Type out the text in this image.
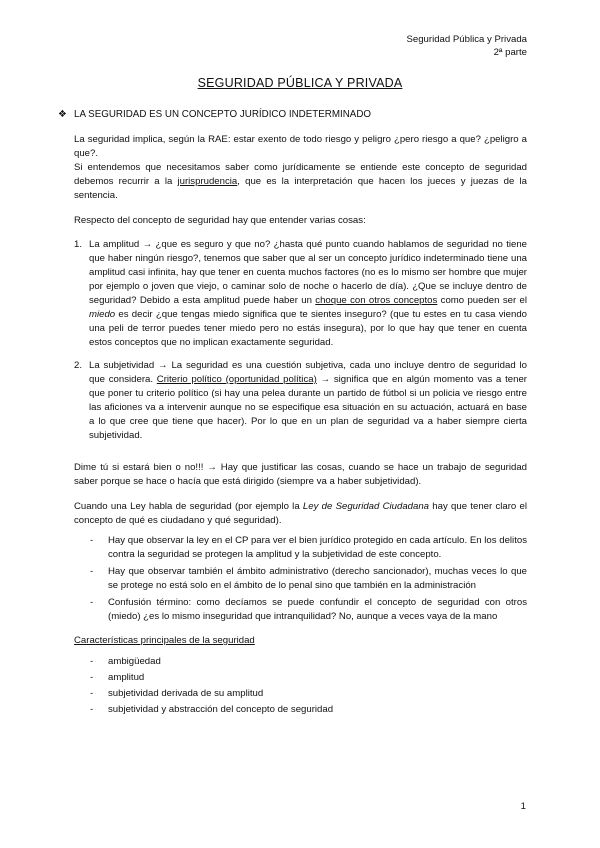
Seguridad Pública y Privada
2ª parte
SEGURIDAD PÚBLICA Y PRIVADA
❖ LA SEGURIDAD ES UN CONCEPTO JURÍDICO INDETERMINADO

La seguridad implica, según la RAE: estar exento de todo riesgo y peligro ¿pero riesgo a que? ¿peligro a que?.

Si entendemos que necesitamos saber como jurídicamente se entiende este concepto de seguridad debemos recurrir a la jurisprudencia, que es la interpretación que hacen los jueces y juezas de la sentencia.

Respecto del concepto de seguridad hay que entender varias cosas:
1. La amplitud → ¿que es seguro y que no? ¿hasta qué punto cuando hablamos de seguridad no tiene que haber ningún riesgo?, tenemos que saber que al ser un concepto jurídico indeterminado tiene una amplitud casi infinita, hay que tener en cuenta muchos factores (no es lo mismo ser hombre que mujer por ejemplo o joven que viejo, o caminar solo de noche o hacerlo de día). ¿Que se incluye dentro de seguridad? Debido a esta amplitud puede haber un choque con otros conceptos como pueden ser el miedo es decir ¿que tengas miedo significa que te sientes inseguro? (que tu estes en tu casa viendo una peli de terror puedes tener miedo pero no estás insegura), por lo que hay que tener en cuenta estos conceptos que no implican exactamente seguridad.
2. La subjetividad → La seguridad es una cuestión subjetiva, cada uno incluye dentro de seguridad lo que considera. Criterio político (oportunidad política) → significa que en algún momento vas a tener que poner tu criterio político (si hay una pelea durante un partido de fútbol si un policia ve riesgo entre las aficiones va a intervenir aunque no se especifique esa situación en su actuación, actuará en base a lo que cree que tiene que hacer). Por lo que en un plan de seguridad va a haber siempre cierta subjetividad.
Dime tú si estará bien o no!!! → Hay que justificar las cosas, cuando se hace un trabajo de seguridad saber porque se hace o hacía que está dirigido (siempre va a haber subjetividad).
Cuando una Ley habla de seguridad (por ejemplo la Ley de Seguridad Ciudadana hay que tener claro el concepto de qué es ciudadano y qué seguridad).
- Hay que observar la ley en el CP para ver el bien jurídico protegido en cada artículo. En los delitos contra la seguridad se protegen la amplitud y la subjetividad de este concepto.
- Hay que observar también el ámbito administrativo (derecho sancionador), muchas veces lo que se protege no está solo en el ámbito de lo penal sino que también en la administración
- Confusión término: como decíamos se puede confundir el concepto de seguridad con otros (miedo) ¿es lo mismo inseguridad que intranquilidad? No, aunque a veces vaya de la mano
Características principales de la seguridad
- ambigüedad
- amplitud
- subjetividad derivada de su amplitud
- subjetividad y abstracción del concepto de seguridad
1
